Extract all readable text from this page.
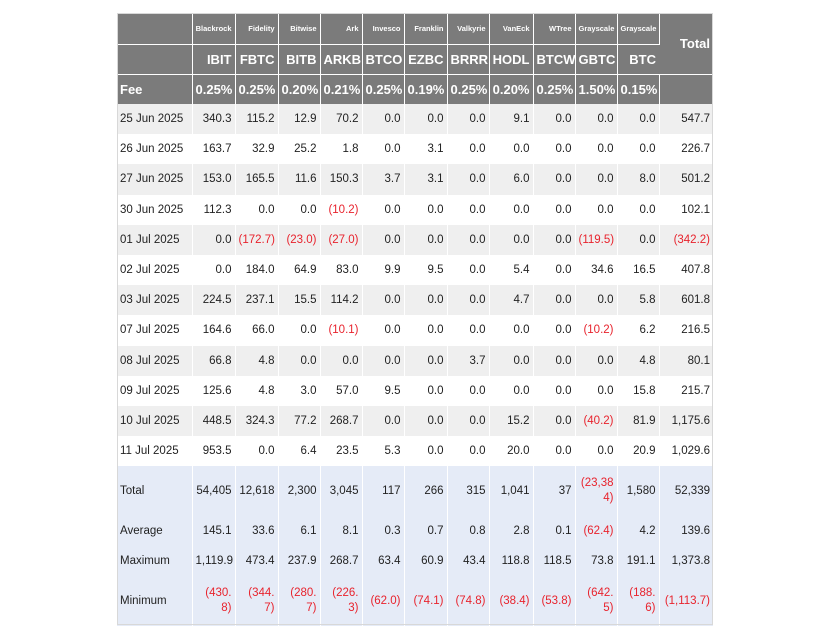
	Blackrock	Fidelity	Bitwise	Ark	Invesco	Franklin	Valkyrie	VanEck	WTree	Grayscale	Grayscale	Total
	IBIT	FBTC	BITB	ARKB	BTCO	EZBC	BRRR	HODL	BTCW	GBTC	BTC	
Fee	0.25%	0.25%	0.20%	0.21%	0.25%	0.19%	0.25%	0.20%	0.25%	1.50%	0.15%	
25 Jun 2025	340.3	115.2	12.9	70.2	0.0	0.0	0.0	9.1	0.0	0.0	0.0	547.7
26 Jun 2025	163.7	32.9	25.2	1.8	0.0	3.1	0.0	0.0	0.0	0.0	0.0	226.7
27 Jun 2025	153.0	165.5	11.6	150.3	3.7	3.1	0.0	6.0	0.0	0.0	8.0	501.2
30 Jun 2025	112.3	0.0	0.0	(10.2)	0.0	0.0	0.0	0.0	0.0	0.0	0.0	102.1
01 Jul 2025	0.0	(172.7)	(23.0)	(27.0)	0.0	0.0	0.0	0.0	0.0	(119.5)	0.0	(342.2)
02 Jul 2025	0.0	184.0	64.9	83.0	9.9	9.5	0.0	5.4	0.0	34.6	16.5	407.8
03 Jul 2025	224.5	237.1	15.5	114.2	0.0	0.0	0.0	4.7	0.0	0.0	5.8	601.8
07 Jul 2025	164.6	66.0	0.0	(10.1)	0.0	0.0	0.0	0.0	0.0	(10.2)	6.2	216.5
08 Jul 2025	66.8	4.8	0.0	0.0	0.0	0.0	3.7	0.0	0.0	0.0	4.8	80.1
09 Jul 2025	125.6	4.8	3.0	57.0	9.5	0.0	0.0	0.0	0.0	0.0	15.8	215.7
10 Jul 2025	448.5	324.3	77.2	268.7	0.0	0.0	0.0	15.2	0.0	(40.2)	81.9	1,175.6
11 Jul 2025	953.5	0.0	6.4	23.5	5.3	0.0	0.0	20.0	0.0	0.0	20.9	1,029.6
Total	54,405	12,618	2,300	3,045	117	266	315	1,041	37	(23,384)	1,580	52,339
Average	145.1	33.6	6.1	8.1	0.3	0.7	0.8	2.8	0.1	(62.4)	4.2	139.6
Maximum	1,119.9	473.4	237.9	268.7	63.4	60.9	43.4	118.8	118.5	73.8	191.1	1,373.8
Minimum	(430.8)	(344.7)	(280.7)	(226.3)	(62.0)	(74.1)	(74.8)	(38.4)	(53.8)	(642.5)	(188.6)	(1,113.7)
